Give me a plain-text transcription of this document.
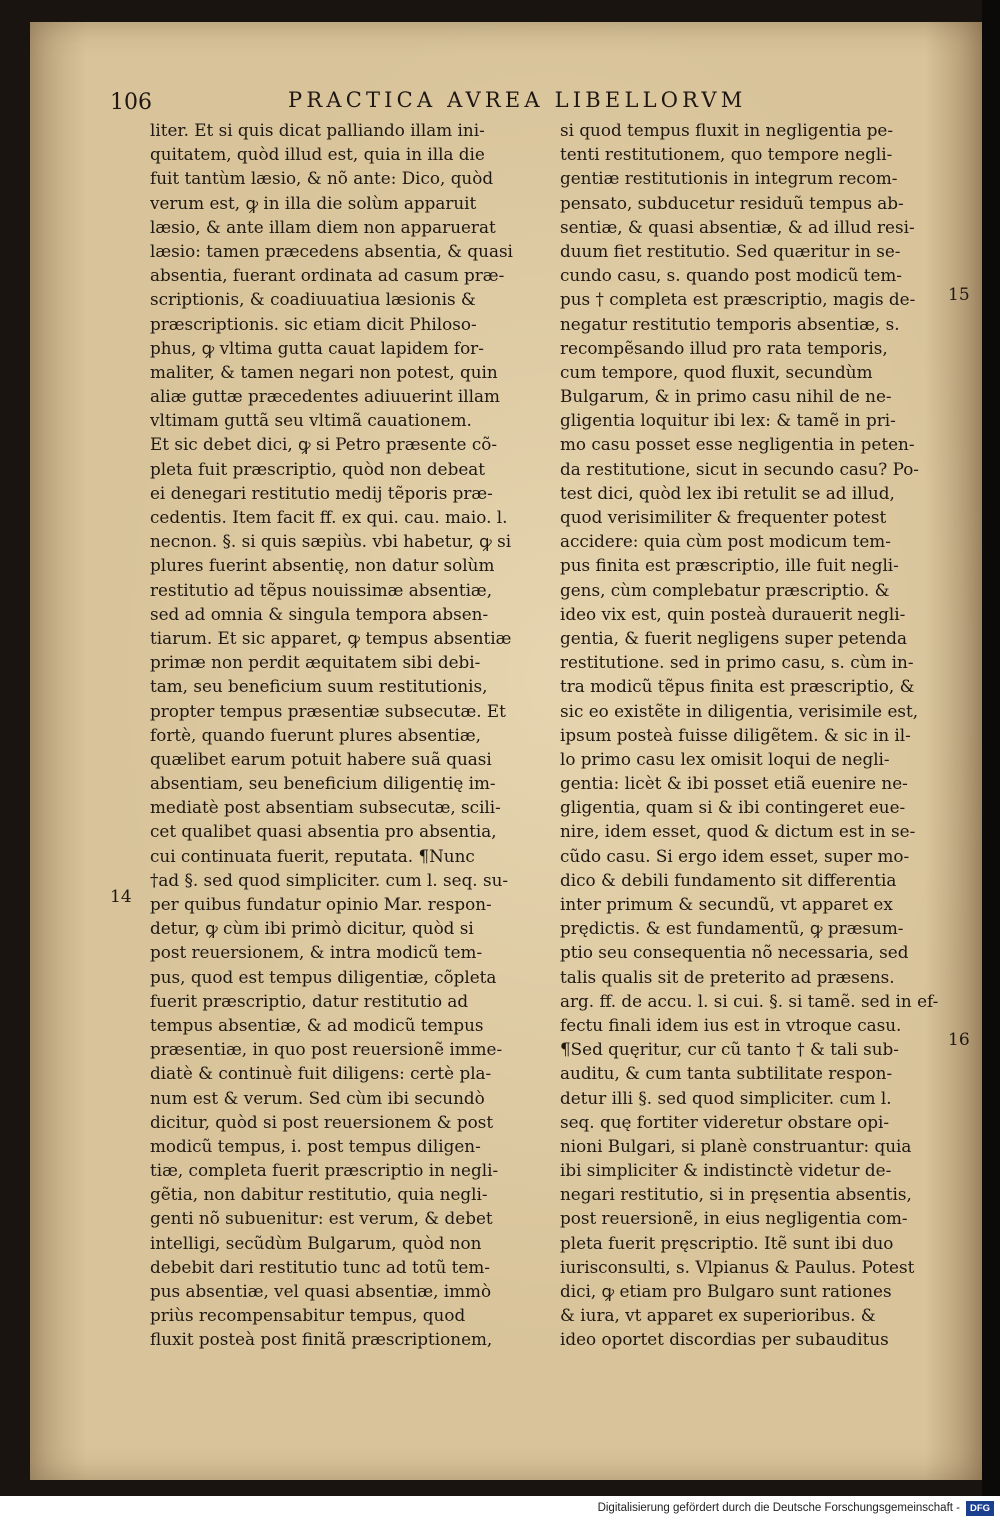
106	PRACTICA AVREA LIBELLORVM
liter. Et si quis dicat palliando illam ini-
quitatem, quòd illud est, quia in illa die
fuit tantùm læsio, & nõ ante: Dico, quòd
verum est, ꝙ in illa die solùm apparuit
læsio, & ante illam diem non apparuerat
læsio: tamen præcedens absentia, & quasi
absentia, fuerant ordinata ad casum præ-
scriptionis, & coadiuuatiua læsionis &
præscriptionis. sic etiam dicit Philoso-
phus, ꝙ vltima gutta cauat lapidem for-
maliter, & tamen negari non potest, quin
aliæ guttæ præcedentes adiuuerint illam
vltimam guttã seu vltimã cauationem.
Et sic debet dici, ꝙ si Petro præsente cõ-
pleta fuit præscriptio, quòd non debeat
ei denegari restitutio medij tẽporis præ-
cedentis. Item facit ff. ex qui. cau. maio. l.
necnon. §. si quis sæpiùs. vbi habetur, ꝙ si
plures fuerint absentię, non datur solùm
restitutio ad tẽpus nouissimæ absentiæ,
sed ad omnia & singula tempora absen-
tiarum. Et sic apparet, ꝙ tempus absentiæ
primæ non perdit æquitatem sibi debi-
tam, seu beneficium suum restitutionis,
propter tempus præsentiæ subsecutæ. Et
fortè, quando fuerunt plures absentiæ,
quælibet earum potuit habere suã quasi
absentiam, seu beneficium diligentię im-
mediatè post absentiam subsecutæ, scili-
cet qualibet quasi absentia pro absentia,
cui continuata fuerit, reputata. ¶Nunc
†ad §. sed quod simpliciter. cum l. seq. su-
per quibus fundatur opinio Mar. respon-
detur, ꝙ cùm ibi primò dicitur, quòd si
post reuersionem, & intra modicũ tem-
pus, quod est tempus diligentiæ, cõpleta
fuerit præscriptio, datur restitutio ad
tempus absentiæ, & ad modicũ tempus
præsentiæ, in quo post reuersionẽ imme-
diatè & continuè fuit diligens: certè pla-
num est & verum. Sed cùm ibi secundò
dicitur, quòd si post reuersionem & post
modicũ tempus, i. post tempus diligen-
tiæ, completa fuerit præscriptio in negli-
gẽtia, non dabitur restitutio, quia negli-
genti nõ subuenitur: est verum, & debet
intelligi, secũdùm Bulgarum, quòd non
debebit dari restitutio tunc ad totũ tem-
pus absentiæ, vel quasi absentiæ, immò
priùs recompensabitur tempus, quod
fluxit posteà post finitã præscriptionem,
si quod tempus fluxit in negligentia pe-
tenti restitutionem, quo tempore negli-
gentiæ restitutionis in integrum recom-
pensato, subducetur residuũ tempus ab-
sentiæ, & quasi absentiæ, & ad illud resi-
duum fiet restitutio. Sed quæritur in se-
cundo casu, s. quando post modicũ tem-
pus † completa est præscriptio, magis de-
negatur restitutio temporis absentiæ, s.
recompẽsando illud pro rata temporis,
cum tempore, quod fluxit, secundùm
Bulgarum, & in primo casu nihil de ne-
gligentia loquitur ibi lex: & tamẽ in pri-
mo casu posset esse negligentia in peten-
da restitutione, sicut in secundo casu? Po-
test dici, quòd lex ibi retulit se ad illud,
quod verisimiliter & frequenter potest
accidere: quia cùm post modicum tem-
pus finita est præscriptio, ille fuit negli-
gens, cùm complebatur præscriptio. &
ideo vix est, quin posteà durauerit negli-
gentia, & fuerit negligens super petenda
restitutione. sed in primo casu, s. cùm in-
tra modicũ tẽpus finita est præscriptio, &
sic eo existẽte in diligentia, verisimile est,
ipsum posteà fuisse diligẽtem. & sic in il-
lo primo casu lex omisit loqui de negli-
gentia: licèt & ibi posset etiã euenire ne-
gligentia, quam si & ibi contingeret eue-
nire, idem esset, quod & dictum est in se-
cũdo casu. Si ergo idem esset, super mo-
dico & debili fundamento sit differentia
inter primum & secundũ, vt apparet ex
prędictis. & est fundamentũ, ꝙ præsum-
ptio seu consequentia nõ necessaria, sed
talis qualis sit de preterito ad præsens.
arg. ff. de accu. l. si cui. §. si tamẽ. sed in ef-
fectu finali idem ius est in vtroque casu.
¶Sed quęritur, cur cũ tanto † & tali sub-
auditu, & cum tanta subtilitate respon-
detur illi §. sed quod simpliciter. cum l.
seq. quę fortiter videretur obstare opi-
nioni Bulgari, si planè construantur: quia
ibi simpliciter & indistinctè videtur de-
negari restitutio, si in pręsentia absentis,
post reuersionẽ, in eius negligentia com-
pleta fuerit pręscriptio. Itẽ sunt ibi duo
iurisconsulti, s. Vlpianus & Paulus. Potest
dici, ꝙ etiam pro Bulgaro sunt rationes
& iura, vt apparet ex superioribus. &
ideo oportet discordias per subauditus
14
15
16
Digitalisierung gefördert durch die Deutsche Forschungsgemeinschaft -	DFG
